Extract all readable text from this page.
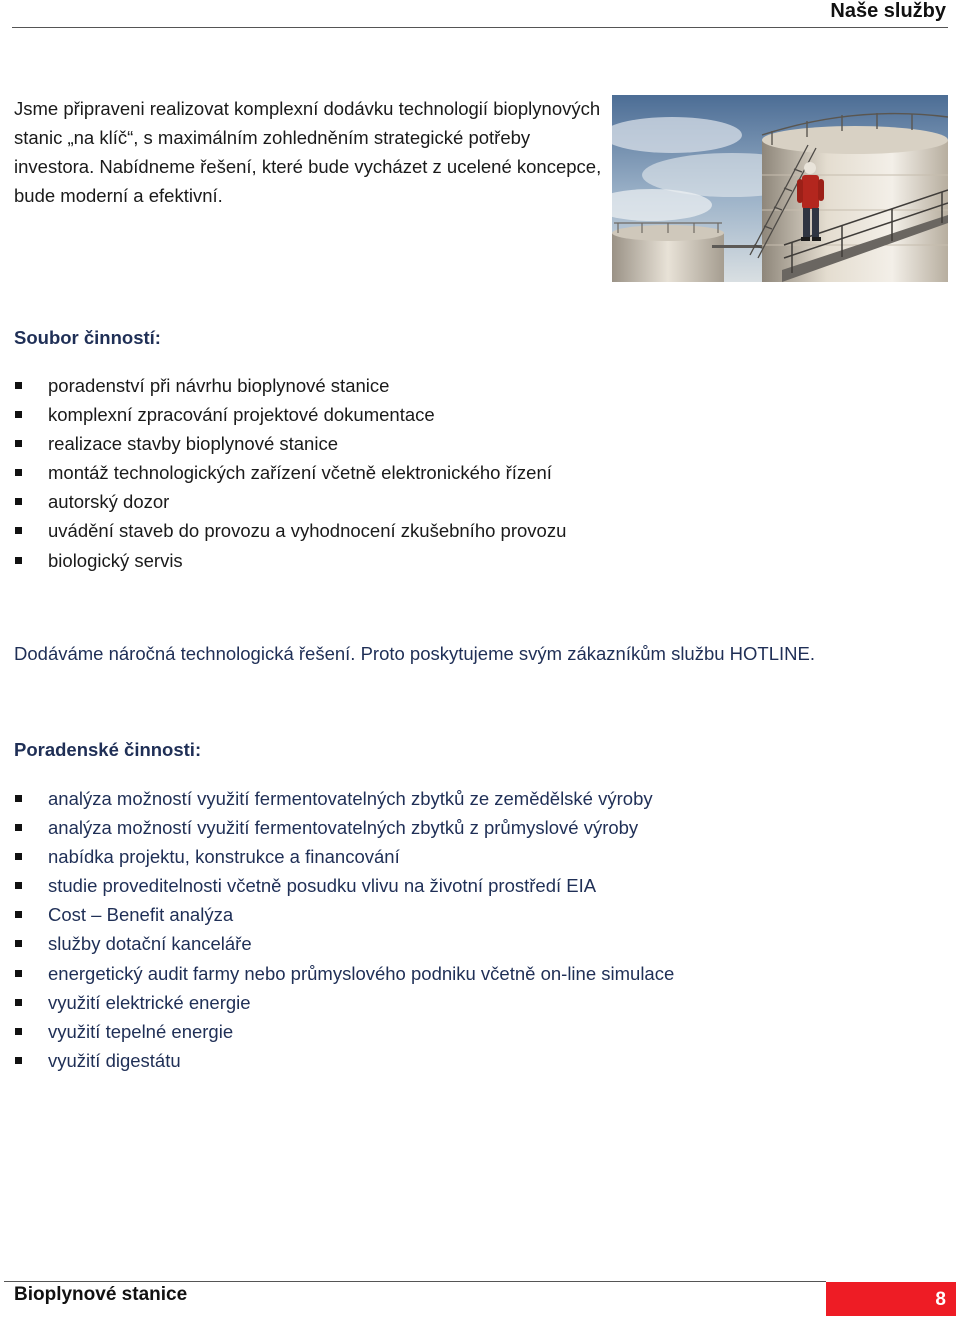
Naše služby

Jsme připraveni realizovat komplexní dodávku technologií bioplynových stanic „na klíč“, s maximálním zohledněním strategické potřeby investora. Nabídneme řešení, které bude vycházet z ucelené koncepce, bude moderní a efektivní.

Soubor činností:
poradenství při návrhu bioplynové stanice
komplexní zpracování projektové dokumentace
realizace stavby bioplynové stanice
montáž technologických zařízení včetně elektronického řízení
autorský dozor
uvádění staveb do provozu a vyhodnocení zkušebního provozu
biologický servis
Dodáváme náročná technologická řešení. Proto poskytujeme svým zákazníkům službu HOTLINE.
Poradenské činnosti:
analýza možností využití fermentovatelných zbytků ze zemědělské výroby
analýza možností využití fermentovatelných zbytků z průmyslové výroby
nabídka projektu, konstrukce a financování
studie proveditelnosti včetně posudku vlivu na životní prostředí EIA
Cost – Benefit analýza
služby dotační kanceláře
energetický audit farmy nebo průmyslového podniku včetně on-line simulace
využití elektrické energie
využití tepelné energie
využití digestátu
Bioplynové stanice	8
